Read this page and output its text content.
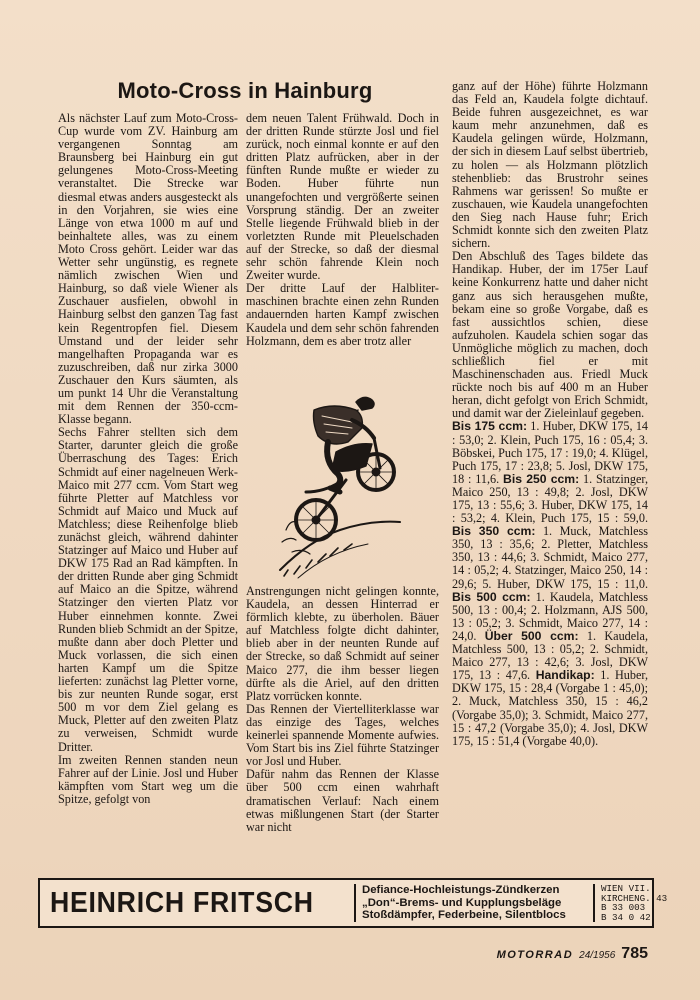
Moto-Cross in Hainburg

Als nächster Lauf zum Moto-Cross-Cup wurde vom ZV. Hainburg am vergangenen Sonntag am Braunsberg bei Hainburg ein gut gelungenes Moto-Cross-Meeting veranstaltet. Die Strecke war diesmal etwas anders ausgesteckt als in den Vorjahren, sie wies eine Länge von etwa 1000 m auf und beinhaltete alles, was zu einem Moto Cross gehört. Leider war das Wetter sehr ungünstig, es regnete nämlich zwischen Wien und Hainburg, so daß viele Wiener als Zuschauer ausfielen, obwohl in Hainburg selbst den ganzen Tag fast kein Regentropfen fiel. Diesem Umstand und der leider sehr mangelhaften Propaganda war es zuzuschreiben, daß nur zirka 3000 Zuschauer den Kurs säumten, als um punkt 14 Uhr die Veranstaltung mit dem Rennen der 350-ccm-Klasse begann.

Sechs Fahrer stellten sich dem Starter, darunter gleich die große Überraschung des Tages: Erich Schmidt auf einer nagelneuen Werk-Maico mit 277 ccm. Vom Start weg führte Pletter auf Matchless vor Schmidt auf Maico und Muck auf Matchless; diese Reihenfolge blieb zunächst gleich, während dahinter Statzinger auf Maico und Huber auf DKW 175 Rad an Rad kämpften. In der dritten Runde aber ging Schmidt auf Maico an die Spitze, während Statzinger den vierten Platz vor Huber einnehmen konnte. Zwei Runden blieb Schmidt an der Spitze, mußte dann aber doch Pletter und Muck vorlassen, die sich einen harten Kampf um die Spitze lieferten: zunächst lag Pletter vorne, bis zur neunten Runde sogar, erst 500 m vor dem Ziel gelang es Muck, Pletter auf den zweiten Platz zu verweisen, Schmidt wurde Dritter.

Im zweiten Rennen standen neun Fahrer auf der Linie. Josl und Huber kämpften vom Start weg um die Spitze, gefolgt von

dem neuen Talent Frühwald. Doch in der dritten Runde stürzte Josl und fiel zurück, noch einmal konnte er auf den dritten Platz aufrücken, aber in der fünften Runde mußte er wieder zu Boden. Huber führte nun unangefochten und vergrößerte seinen Vorsprung ständig. Der an zweiter Stelle liegende Frühwald blieb in der vorletzten Runde mit Pleuelschaden auf der Strecke, so daß der diesmal sehr schön fahrende Klein noch Zweiter wurde.

Der dritte Lauf der Halbliter-maschinen brachte einen zehn Runden andauernden harten Kampf zwischen Kaudela und dem sehr schön fahrenden Holzmann, dem es aber trotz aller

Anstrengungen nicht gelingen konnte, Kaudela, an dessen Hinterrad er förmlich klebte, zu überholen. Bäuer auf Matchless folgte dicht dahinter, blieb aber in der neunten Runde auf der Strecke, so daß Schmidt auf seiner Maico 277, die ihm besser liegen dürfte als die Ariel, auf den dritten Platz vorrücken konnte.

Das Rennen der Viertelliterklasse war das einzige des Tages, welches keinerlei spannende Momente aufwies. Vom Start bis ins Ziel führte Statzinger vor Josl und Huber.

Dafür nahm das Rennen der Klasse über 500 ccm einen wahrhaft dramatischen Verlauf: Nach einem etwas mißlungenen Start (der Starter war nicht

ganz auf der Höhe) führte Holzmann das Feld an, Kaudela folgte dichtauf. Beide fuhren ausgezeichnet, es war kaum mehr anzunehmen, daß es Kaudela gelingen würde, Holzmann, der sich in diesem Lauf selbst übertrieb, zu holen — als Holzmann plötzlich stehenblieb: das Brustrohr seines Rahmens war gerissen! So mußte er zuschauen, wie Kaudela unangefochten den Sieg nach Hause fuhr; Erich Schmidt konnte sich den zweiten Platz sichern.

Den Abschluß des Tages bildete das Handikap. Huber, der im 175er Lauf keine Konkurrenz hatte und daher nicht ganz aus sich herausgehen mußte, bekam eine so große Vorgabe, daß es fast aussichtlos schien, diese aufzuholen. Kaudela schien sogar das Unmögliche möglich zu machen, doch schließlich fiel er mit Maschinenschaden aus. Friedl Muck rückte noch bis auf 400 m an Huber heran, dicht gefolgt von Erich Schmidt, und damit war der Zieleinlauf gegeben.

Bis 175 ccm: 1. Huber, DKW 175, 14 : 53,0; 2. Klein, Puch 175, 16 : 05,4; 3. Böbskei, Puch 175, 17 : 19,0; 4. Klügel, Puch 175, 17 : 23,8; 5. Josl, DKW 175, 18 : 11,6. Bis 250 ccm: 1. Statzinger, Maico 250, 13 : 49,8; 2. Josl, DKW 175, 13 : 55,6; 3. Huber, DKW 175, 14 : 53,2; 4. Klein, Puch 175, 15 : 59,0. Bis 350 ccm: 1. Muck, Matchless 350, 13 : 35,6; 2. Pletter, Matchless 350, 13 : 44,6; 3. Schmidt, Maico 277, 14 : 05,2; 4. Statzinger, Maico 250, 14 : 29,6; 5. Huber, DKW 175, 15 : 11,0. Bis 500 ccm: 1. Kaudela, Matchless 500, 13 : 00,4; 2. Holzmann, AJS 500, 13 : 05,2; 3. Schmidt, Maico 277, 14 : 24,0. Über 500 ccm: 1. Kaudela, Matchless 500, 13 : 05,2; 2. Schmidt, Maico 277, 13 : 42,6; 3. Josl, DKW 175, 13 : 47,6. Handikap: 1. Huber, DKW 175, 15 : 28,4 (Vorgabe 1 : 45,0); 2. Muck, Matchless 350, 15 : 46,2 (Vorgabe 35,0); 3. Schmidt, Maico 277, 15 : 47,2 (Vorgabe 35,0); 4. Josl, DKW 175, 15 : 51,4 (Vorgabe 40,0).

HEINRICH FRITSCH	Defiance-Hochleistungs-Zündkerzen
„Don“-Brems- und Kupplungsbeläge
Stoßdämpfer, Federbeine, Silentblocs
WIEN VII.
KIRCHENG. 43
B 33 003
B 34 0 42
MOTORRAD 24/1956 785
